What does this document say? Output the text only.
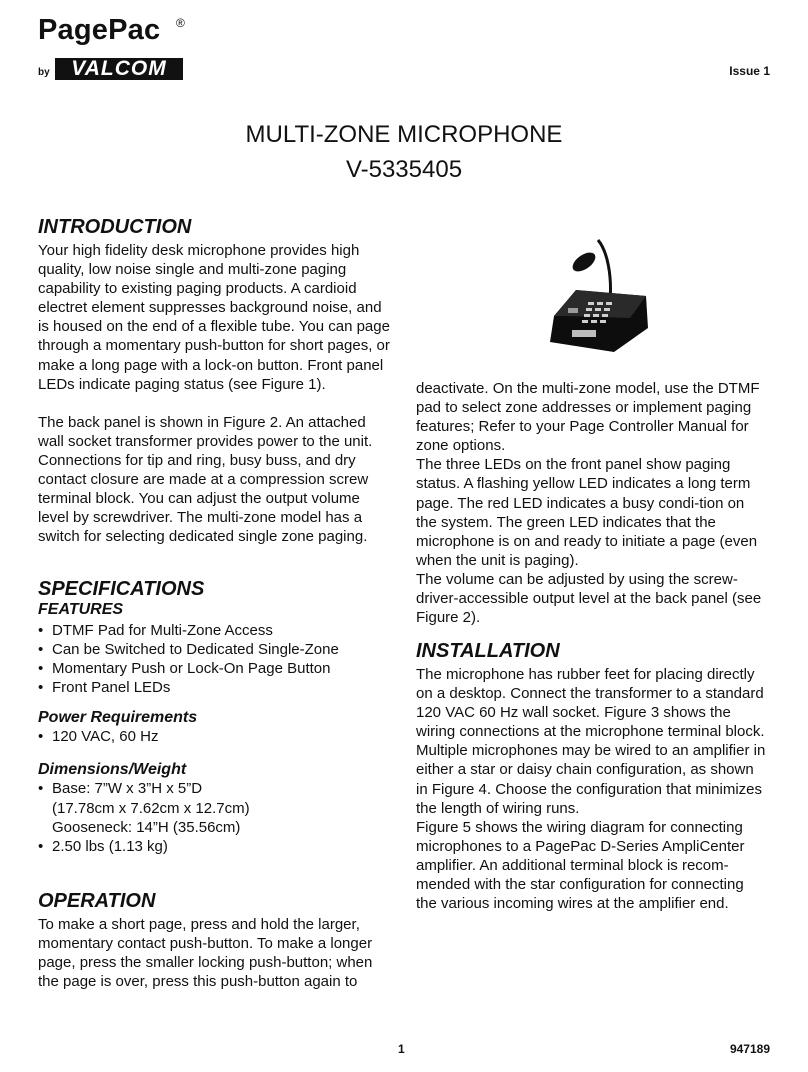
PagePac ®
by	VALCOM	Issue 1
MULTI-ZONE MICROPHONE
V-5335405
INTRODUCTION

Your high fidelity desk microphone provides high quality, low noise single and multi-zone paging capability to existing paging products. A cardioid electret element suppresses background noise, and is housed on the end of a flexible tube. You can page through a momentary push-button for short pages, or make a long page with a lock-on button. Front panel LEDs indicate paging status (see Figure 1).

The back panel is shown in Figure 2. An attached wall socket transformer provides power to the unit. Connections for tip and ring, busy buss, and dry contact closure are made at a compression screw terminal block. You can adjust the output volume level by screwdriver. The multi-zone model has a switch for selecting dedicated single zone paging.

SPECIFICATIONS
FEATURES
• DTMF Pad for Multi-Zone Access
• Can be Switched to Dedicated Single-Zone
• Momentary Push or Lock-On Page Button
• Front Panel LEDs
Power Requirements
• 120 VAC, 60 Hz
Dimensions/Weight
• Base: 7”W x 3”H x 5”D
(17.78cm x 7.62cm x 12.7cm)
Gooseneck: 14”H (35.56cm)
• 2.50 lbs (1.13 kg)
OPERATION

To make a short page, press and hold the larger, momentary contact push-button. To make a longer page, press the smaller locking push-button; when the page is over, press this push-button again to

deactivate. On the multi-zone model, use the DTMF pad to select zone addresses or implement paging features; Refer to your Page Controller Manual for zone options.

The three LEDs on the front panel show paging status. A flashing yellow LED indicates a long term page. The red LED indicates a busy condi-tion on the system. The green LED indicates that the microphone is on and ready to initiate a page (even when the unit is paging).

The volume can be adjusted by using the screw-driver-accessible output level at the back panel (see Figure 2).

INSTALLATION

The microphone has rubber feet for placing directly on a desktop. Connect the transformer to a standard 120 VAC 60 Hz wall socket. Figure 3 shows the wiring connections at the microphone terminal block. Multiple microphones may be wired to an amplifier in either a star or daisy chain configuration, as shown in Figure 4. Choose the configuration that minimizes the length of wiring runs.

Figure 5 shows the wiring diagram for connecting microphones to a PagePac D-Series AmpliCenter amplifier. An additional terminal block is recom-mended with the star configuration for connecting the various incoming wires at the amplifier end.

1	947189
